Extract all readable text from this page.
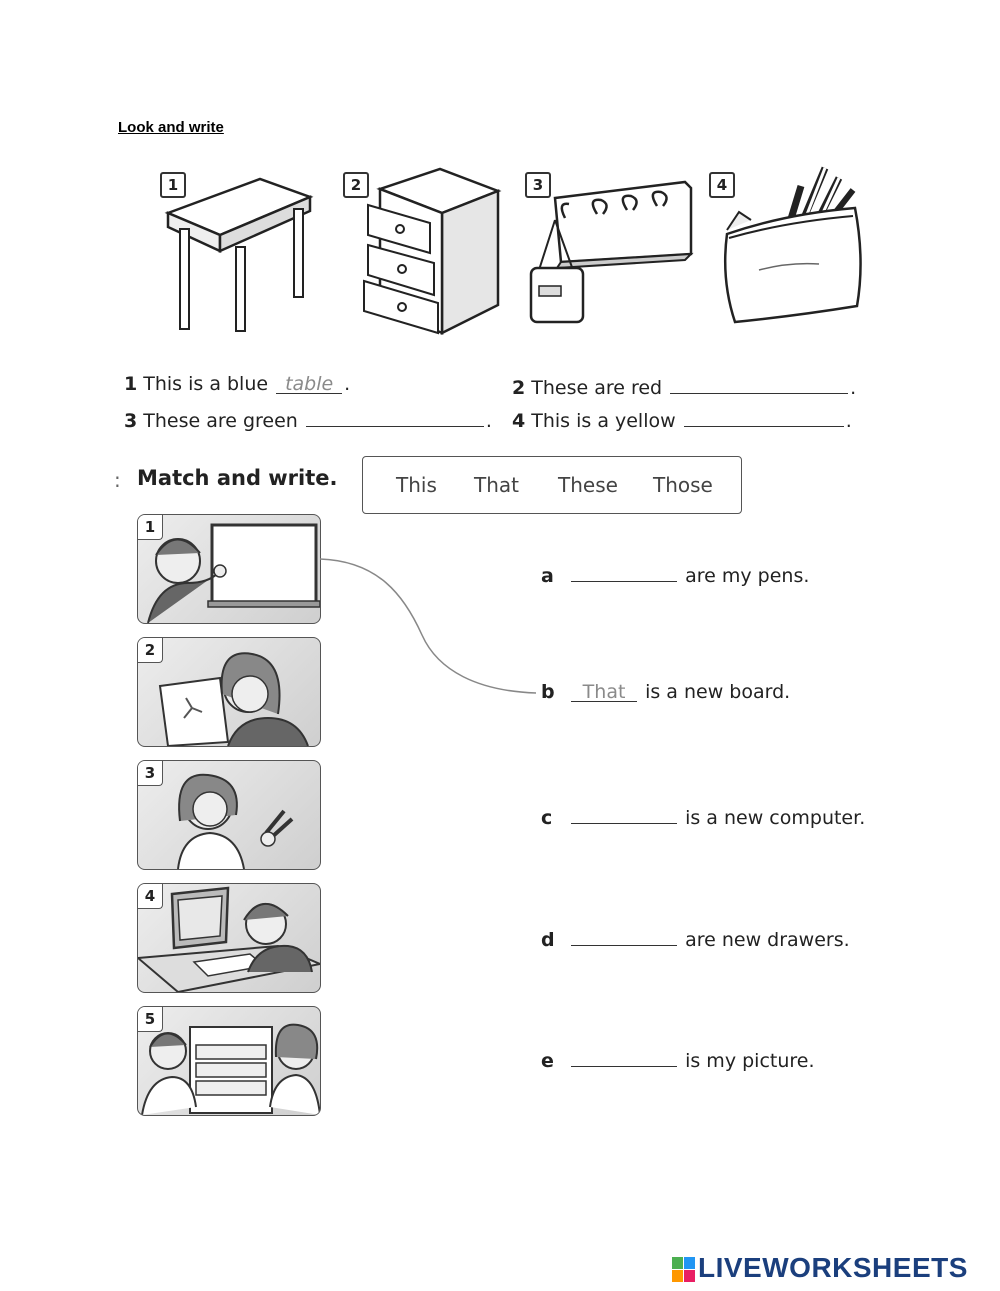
Look and write
1	2	3	4
1 This is a blue table .	2 These are red	.
3 These are green	. 4 This is a yellow	.
: Match and write.	This That These Those
1
2
3
4
5
a	are my pens.
b That is a new board.
c	is a new computer.
d	are new drawers.
e	is my picture.
LIVEWORKSHEETS
